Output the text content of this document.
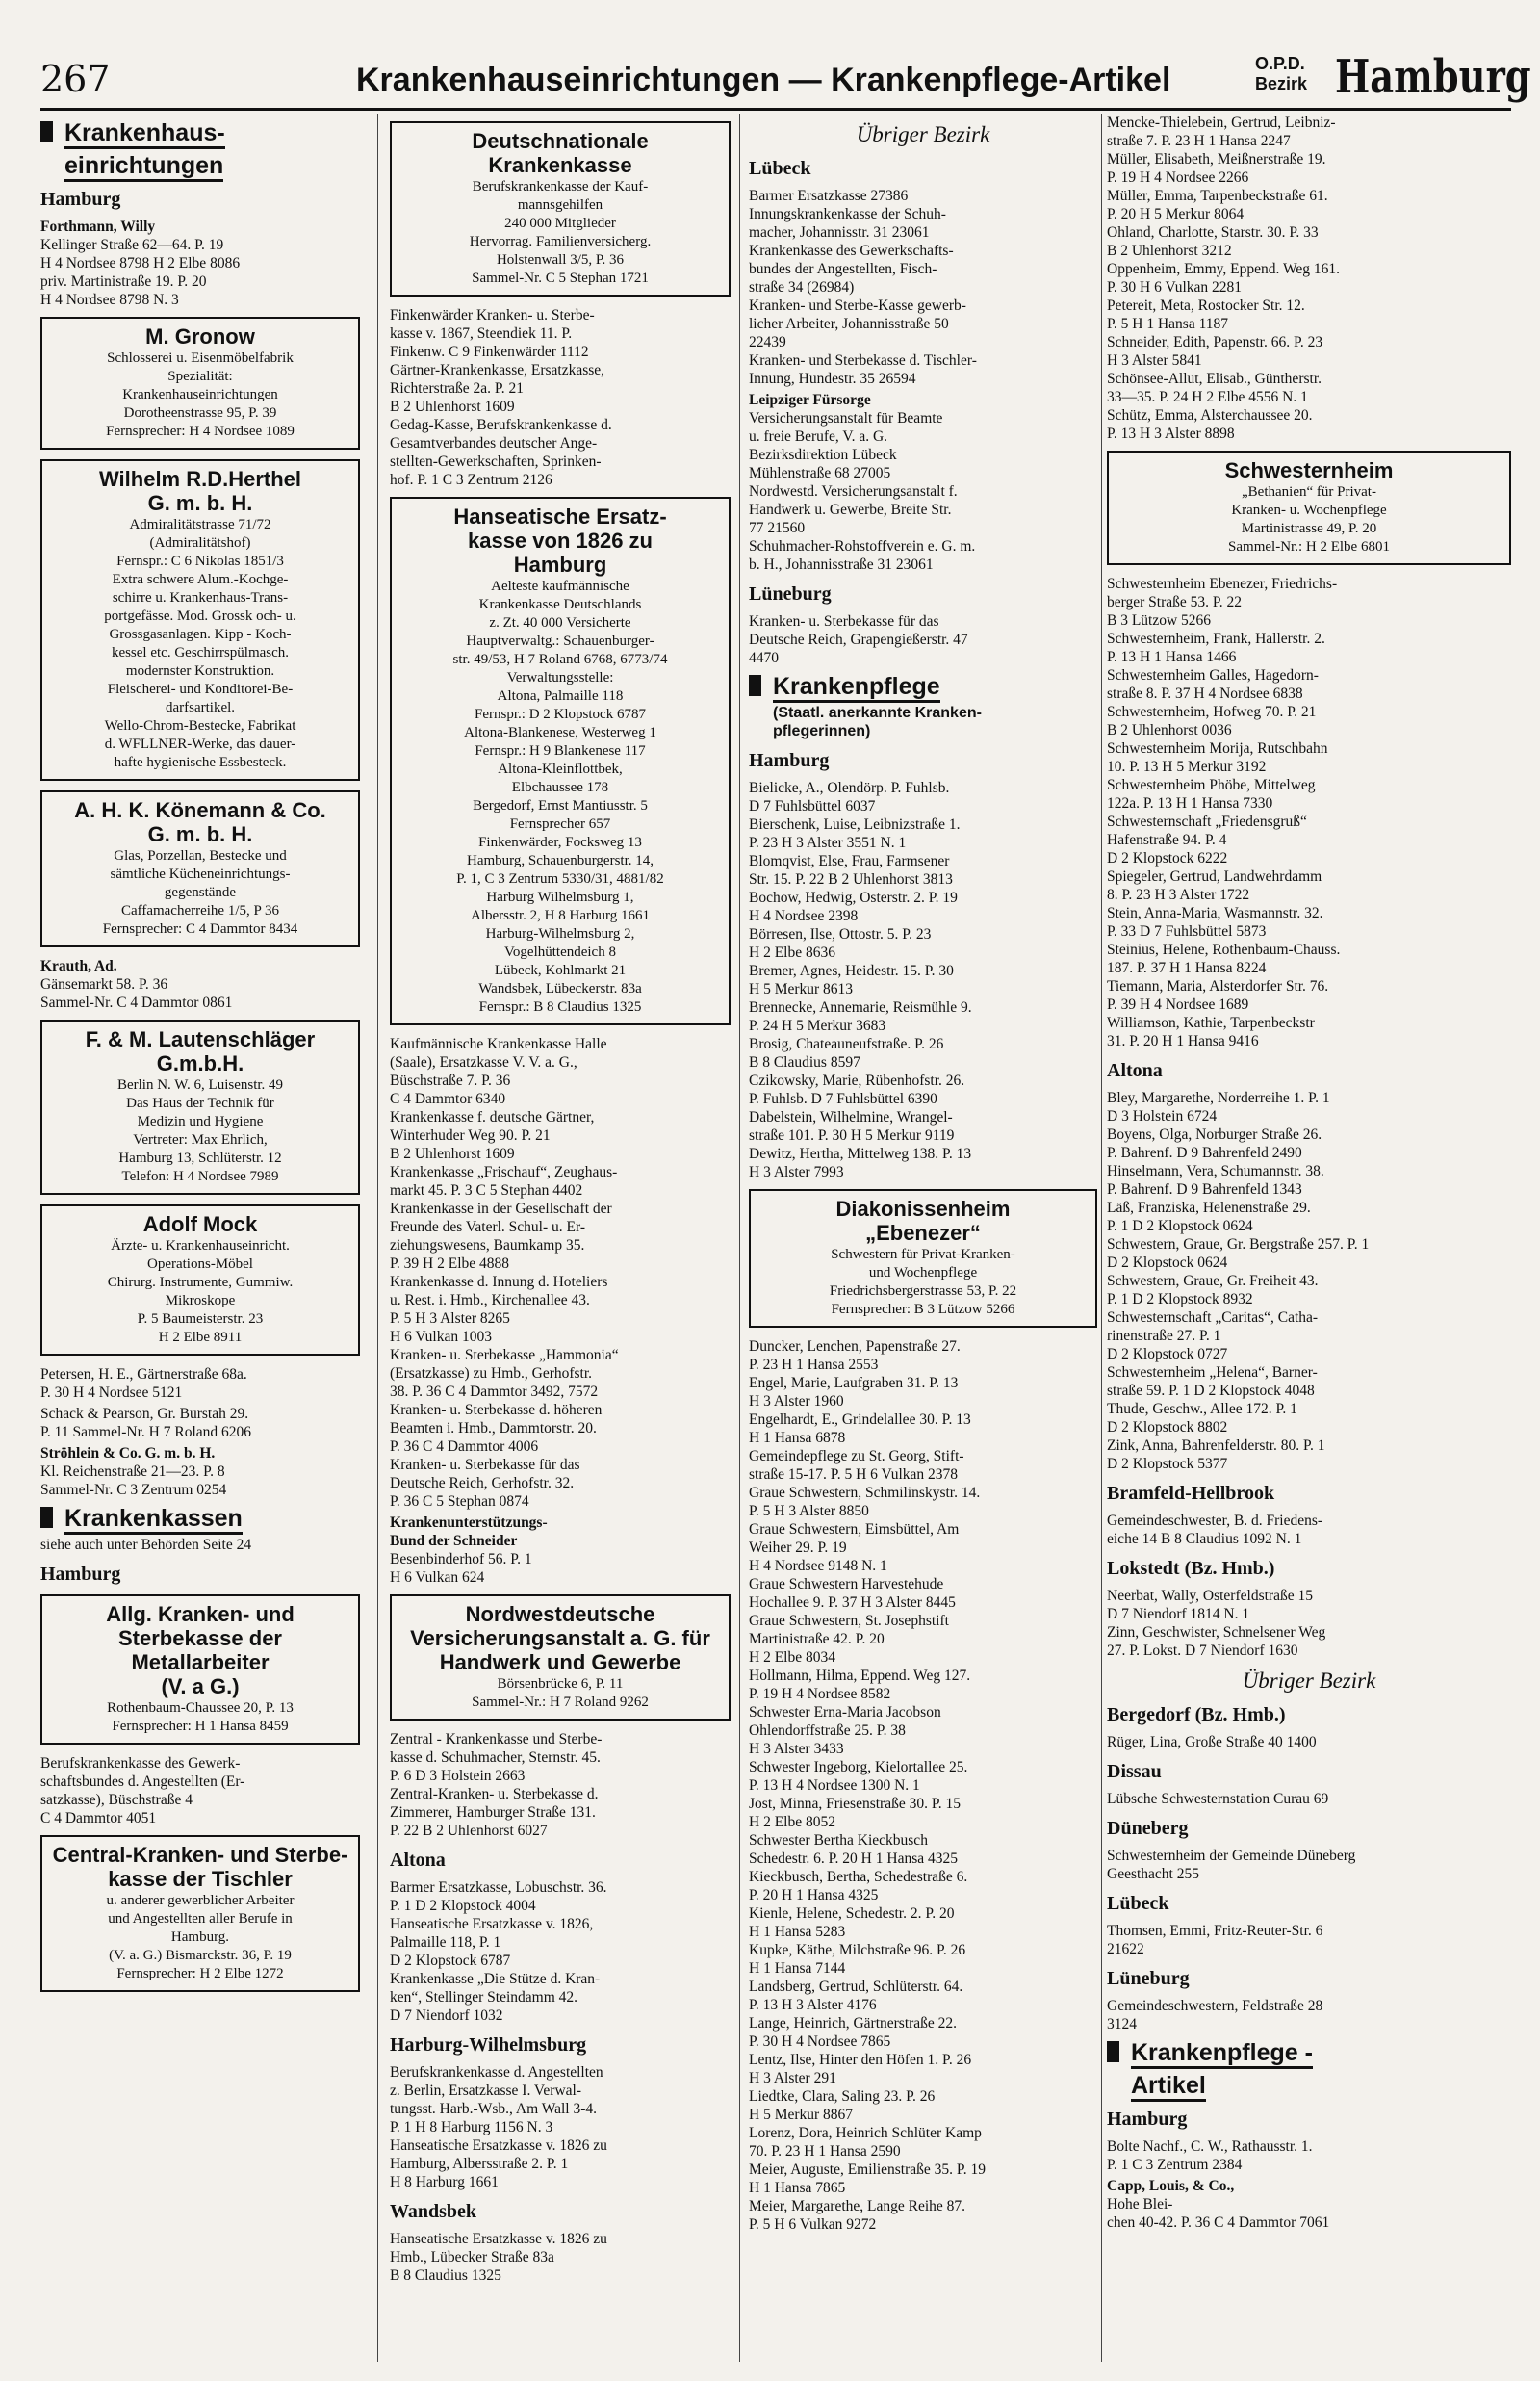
267	Krankenhauseinrichtungen — Krankenpflege-Artikel	O.P.D.
Bezirk Hamburg
Krankenhaus-
einrichtungen
Hamburg
Forthmann, Willy
Kellinger Straße 62—64. P. 19
H 4 Nordsee 8798 H 2 Elbe 8086
priv. Martinistraße 19. P. 20
H 4 Nordsee 8798 N. 3
M. Gronow
Schlosserei u. Eisenmöbelfabrik
Spezialität:
Krankenhauseinrichtungen
Dorotheenstrasse 95, P. 39
Fernsprecher: H 4 Nordsee 1089
Wilhelm R.D.Herthel
G. m. b. H.
Admiralitätstrasse 71/72
(Admiralitätshof)
Fernspr.: C 6 Nikolas 1851/3
Extra schwere Alum.-Kochge-
schirre u. Krankenhaus-Trans-
portgefässe. Mod. Grossk och- u.
Grossgasanlagen. Kipp - Koch-
kessel etc. Geschirrspülmasch.
modernster Konstruktion.
Fleischerei- und Konditorei-Be-
darfsartikel.
Wello-Chrom-Bestecke, Fabrikat
d. WFLLNER-Werke, das dauer-
hafte hygienische Essbesteck.
A. H. K. Könemann & Co.
G. m. b. H.
Glas, Porzellan, Bestecke und
sämtliche Kücheneinrichtungs-
gegenstände
Caffamacherreihe 1/5, P 36
Fernsprecher: C 4 Dammtor 8434
Krauth, Ad.
Gänsemarkt 58. P. 36
Sammel-Nr. C 4 Dammtor 0861
F. & M. Lautenschläger G.m.b.H.
Berlin N. W. 6, Luisenstr. 49
Das Haus der Technik für
Medizin und Hygiene
Vertreter: Max Ehrlich,
Hamburg 13, Schlüterstr. 12
Telefon: H 4 Nordsee 7989
Adolf Mock
Ärzte- u. Krankenhauseinricht.
Operations-Möbel
Chirurg. Instrumente, Gummiw.
Mikroskope
P. 5 Baumeisterstr. 23
H 2 Elbe 8911
Petersen, H. E., Gärtnerstraße 68a.
P. 30 H 4 Nordsee 5121
Schack & Pearson, Gr. Burstah 29.
P. 11 Sammel-Nr. H 7 Roland 6206
Ströhlein & Co. G. m. b. H.
Kl. Reichenstraße 21—23. P. 8
Sammel-Nr. C 3 Zentrum 0254
Krankenkassen
siehe auch unter Behörden Seite 24
Hamburg
Allg. Kranken- und
Sterbekasse der Metallarbeiter
(V. a G.)
Rothenbaum-Chaussee 20, P. 13
Fernsprecher: H 1 Hansa 8459
Berufskrankenkasse des Gewerk-
schaftsbundes d. Angestellten (Er-
satzkasse), Büschstraße 4
C 4 Dammtor 4051
Central-Kranken- und Sterbe-
kasse der Tischler
u. anderer gewerblicher Arbeiter
und Angestellten aller Berufe in
Hamburg.
(V. a. G.) Bismarckstr. 36, P. 19
Fernsprecher: H 2 Elbe 1272
Deutschnationale
Krankenkasse
Berufskrankenkasse der Kauf-
mannsgehilfen
240 000 Mitglieder
Hervorrag. Familienversicherg.
Holstenwall 3/5, P. 36
Sammel-Nr. C 5 Stephan 1721
Finkenwärder Kranken- u. Sterbe-
kasse v. 1867, Steendiek 11. P.
Finkenw. C 9 Finkenwärder 1112
Gärtner-Krankenkasse, Ersatzkasse,
Richterstraße 2a. P. 21
B 2 Uhlenhorst 1609
Gedag-Kasse, Berufskrankenkasse d.
Gesamtverbandes deutscher Ange-
stellten-Gewerkschaften, Sprinken-
hof. P. 1 C 3 Zentrum 2126
Hanseatische Ersatz-
kasse von 1826 zu
Hamburg
Aelteste kaufmännische
Krankenkasse Deutschlands
z. Zt. 40 000 Versicherte
Hauptverwaltg.: Schauenburger-
str. 49/53, H 7 Roland 6768, 6773/74
Verwaltungsstelle:
Altona, Palmaille 118
Fernspr.: D 2 Klopstock 6787
Altona-Blankenese, Westerweg 1
Fernspr.: H 9 Blankenese 117
Altona-Kleinflottbek,
Elbchaussee 178
Bergedorf, Ernst Mantiusstr. 5
Fernsprecher 657
Finkenwärder, Focksweg 13
Hamburg, Schauenburgerstr. 14,
P. 1, C 3 Zentrum 5330/31, 4881/82
Harburg Wilhelmsburg 1,
Albersstr. 2, H 8 Harburg 1661
Harburg-Wilhelmsburg 2,
Vogelhüttendeich 8
Lübeck, Kohlmarkt 21
Wandsbek, Lübeckerstr. 83a
Fernspr.: B 8 Claudius 1325
Kaufmännische Krankenkasse Halle
(Saale), Ersatzkasse V. V. a. G.,
Büschstraße 7. P. 36
C 4 Dammtor 6340
Krankenkasse f. deutsche Gärtner,
Winterhuder Weg 90. P. 21
B 2 Uhlenhorst 1609
Krankenkasse „Frischauf“, Zeughaus-
markt 45. P. 3 C 5 Stephan 4402
Krankenkasse in der Gesellschaft der
Freunde des Vaterl. Schul- u. Er-
ziehungswesens, Baumkamp 35.
P. 39 H 2 Elbe 4888
Krankenkasse d. Innung d. Hoteliers
u. Rest. i. Hmb., Kirchenallee 43.
P. 5 H 3 Alster 8265
H 6 Vulkan 1003
Kranken- u. Sterbekasse „Hammonia“
(Ersatzkasse) zu Hmb., Gerhofstr.
38. P. 36 C 4 Dammtor 3492, 7572
Kranken- u. Sterbekasse d. höheren
Beamten i. Hmb., Dammtorstr. 20.
P. 36 C 4 Dammtor 4006
Kranken- u. Sterbekasse für das
Deutsche Reich, Gerhofstr. 32.
P. 36 C 5 Stephan 0874
Krankenunterstützungs-
Bund der Schneider
Besenbinderhof 56. P. 1
H 6 Vulkan 624
Nordwestdeutsche
Versicherungsanstalt a. G. für
Handwerk und Gewerbe
Börsenbrücke 6, P. 11
Sammel-Nr.: H 7 Roland 9262
Zentral - Krankenkasse und Sterbe-
kasse d. Schuhmacher, Sternstr. 45.
P. 6 D 3 Holstein 2663
Zentral-Kranken- u. Sterbekasse d.
Zimmerer, Hamburger Straße 131.
P. 22 B 2 Uhlenhorst 6027
Altona
Barmer Ersatzkasse, Lobuschstr. 36.
P. 1 D 2 Klopstock 4004
Hanseatische Ersatzkasse v. 1826,
Palmaille 118, P. 1
D 2 Klopstock 6787
Krankenkasse „Die Stütze d. Kran-
ken“, Stellinger Steindamm 42.
D 7 Niendorf 1032
Harburg-Wilhelmsburg
Berufskrankenkasse d. Angestellten
z. Berlin, Ersatzkasse I. Verwal-
tungsst. Harb.-Wsb., Am Wall 3-4.
P. 1 H 8 Harburg 1156 N. 3
Hanseatische Ersatzkasse v. 1826 zu
Hamburg, Albersstraße 2. P. 1
H 8 Harburg 1661
Wandsbek
Hanseatische Ersatzkasse v. 1826 zu
Hmb., Lübecker Straße 83a
B 8 Claudius 1325
Übriger Bezirk
Lübeck
Barmer Ersatzkasse 27386
Innungskrankenkasse der Schuh-
macher, Johannisstr. 31 23061
Krankenkasse des Gewerkschafts-
bundes der Angestellten, Fisch-
straße 34 (26984)
Kranken- und Sterbe-Kasse gewerb-
licher Arbeiter, Johannisstraße 50
22439
Kranken- und Sterbekasse d. Tischler-
Innung, Hundestr. 35 26594
Leipziger Fürsorge
Versicherungsanstalt für Beamte
u. freie Berufe, V. a. G.
Bezirksdirektion Lübeck
Mühlenstraße 68 27005
Nordwestd. Versicherungsanstalt f.
Handwerk u. Gewerbe, Breite Str.
77 21560
Schuhmacher-Rohstoffverein e. G. m.
b. H., Johannisstraße 31 23061
Lüneburg
Kranken- u. Sterbekasse für das
Deutsche Reich, Grapengießerstr. 47
4470
Krankenpflege
(Staatl. anerkannte Kranken-
pflegerinnen)
Hamburg
Bielicke, A., Olendörp. P. Fuhlsb.
D 7 Fuhlsbüttel 6037
Bierschenk, Luise, Leibnizstraße 1.
P. 23 H 3 Alster 3551 N. 1
Blomqvist, Else, Frau, Farmsener
Str. 15. P. 22 B 2 Uhlenhorst 3813
Bochow, Hedwig, Osterstr. 2. P. 19
H 4 Nordsee 2398
Börresen, Ilse, Ottostr. 5. P. 23
H 2 Elbe 8636
Bremer, Agnes, Heidestr. 15. P. 30
H 5 Merkur 8613
Brennecke, Annemarie, Reismühle 9.
P. 24 H 5 Merkur 3683
Brosig, Chateauneufstraße. P. 26
B 8 Claudius 8597
Czikowsky, Marie, Rübenhofstr. 26.
P. Fuhlsb. D 7 Fuhlsbüttel 6390
Dabelstein, Wilhelmine, Wrangel-
straße 101. P. 30 H 5 Merkur 9119
Dewitz, Hertha, Mittelweg 138. P. 13
H 3 Alster 7993
Diakonissenheim
„Ebenezer“
Schwestern für Privat-Kranken-
und Wochenpflege
Friedrichsbergerstrasse 53, P. 22
Fernsprecher: B 3 Lützow 5266
Duncker, Lenchen, Papenstraße 27.
P. 23 H 1 Hansa 2553
Engel, Marie, Laufgraben 31. P. 13
H 3 Alster 1960
Engelhardt, E., Grindelallee 30. P. 13
H 1 Hansa 6878
Gemeindepflege zu St. Georg, Stift-
straße 15-17. P. 5 H 6 Vulkan 2378
Graue Schwestern, Schmilinskystr. 14.
P. 5 H 3 Alster 8850
Graue Schwestern, Eimsbüttel, Am
Weiher 29. P. 19
H 4 Nordsee 9148 N. 1
Graue Schwestern Harvestehude
Hochallee 9. P. 37 H 3 Alster 8445
Graue Schwestern, St. Josephstift
Martinistraße 42. P. 20
H 2 Elbe 8034
Hollmann, Hilma, Eppend. Weg 127.
P. 19 H 4 Nordsee 8582
Schwester Erna-Maria Jacobson
Ohlendorffstraße 25. P. 38
H 3 Alster 3433
Schwester Ingeborg, Kielortallee 25.
P. 13 H 4 Nordsee 1300 N. 1
Jost, Minna, Friesenstraße 30. P. 15
H 2 Elbe 8052
Schwester Bertha Kieckbusch
Schedestr. 6. P. 20 H 1 Hansa 4325
Kieckbusch, Bertha, Schedestraße 6.
P. 20 H 1 Hansa 4325
Kienle, Helene, Schedestr. 2. P. 20
H 1 Hansa 5283
Kupke, Käthe, Milchstraße 96. P. 26
H 1 Hansa 7144
Landsberg, Gertrud, Schlüterstr. 64.
P. 13 H 3 Alster 4176
Lange, Heinrich, Gärtnerstraße 22.
P. 30 H 4 Nordsee 7865
Lentz, Ilse, Hinter den Höfen 1. P. 26
H 3 Alster 291
Liedtke, Clara, Saling 23. P. 26
H 5 Merkur 8867
Lorenz, Dora, Heinrich Schlüter Kamp
70. P. 23 H 1 Hansa 2590
Meier, Auguste, Emilienstraße 35. P. 19
H 1 Hansa 7865
Meier, Margarethe, Lange Reihe 87.
P. 5 H 6 Vulkan 9272
Mencke-Thielebein, Gertrud, Leibniz-
straße 7. P. 23 H 1 Hansa 2247
Müller, Elisabeth, Meißnerstraße 19.
P. 19 H 4 Nordsee 2266
Müller, Emma, Tarpenbeckstraße 61.
P. 20 H 5 Merkur 8064
Ohland, Charlotte, Starstr. 30. P. 33
B 2 Uhlenhorst 3212
Oppenheim, Emmy, Eppend. Weg 161.
P. 30 H 6 Vulkan 2281
Petereit, Meta, Rostocker Str. 12.
P. 5 H 1 Hansa 1187
Schneider, Edith, Papenstr. 66. P. 23
H 3 Alster 5841
Schönsee-Allut, Elisab., Güntherstr.
33—35. P. 24 H 2 Elbe 4556 N. 1
Schütz, Emma, Alsterchaussee 20.
P. 13 H 3 Alster 8898
Schwesternheim
„Bethanien“ für Privat-
Kranken- u. Wochenpflege
Martinistrasse 49, P. 20
Sammel-Nr.: H 2 Elbe 6801
Schwesternheim Ebenezer, Friedrichs-
berger Straße 53. P. 22
B 3 Lützow 5266
Schwesternheim, Frank, Hallerstr. 2.
P. 13 H 1 Hansa 1466
Schwesternheim Galles, Hagedorn-
straße 8. P. 37 H 4 Nordsee 6838
Schwesternheim, Hofweg 70. P. 21
B 2 Uhlenhorst 0036
Schwesternheim Morija, Rutschbahn
10. P. 13 H 5 Merkur 3192
Schwesternheim Phöbe, Mittelweg
122a. P. 13 H 1 Hansa 7330
Schwesternschaft „Friedensgruß“
Hafenstraße 94. P. 4
D 2 Klopstock 6222
Spiegeler, Gertrud, Landwehrdamm
8. P. 23 H 3 Alster 1722
Stein, Anna-Maria, Wasmannstr. 32.
P. 33 D 7 Fuhlsbüttel 5873
Steinius, Helene, Rothenbaum-Chauss.
187. P. 37 H 1 Hansa 8224
Tiemann, Maria, Alsterdorfer Str. 76.
P. 39 H 4 Nordsee 1689
Williamson, Kathie, Tarpenbeckstr
31. P. 20 H 1 Hansa 9416
Altona
Bley, Margarethe, Norderreihe 1. P. 1
D 3 Holstein 6724
Boyens, Olga, Norburger Straße 26.
P. Bahrenf. D 9 Bahrenfeld 2490
Hinselmann, Vera, Schumannstr. 38.
P. Bahrenf. D 9 Bahrenfeld 1343
Läß, Franziska, Helenenstraße 29.
P. 1 D 2 Klopstock 0624
Schwestern, Graue, Gr. Bergstraße 257. P. 1
D 2 Klopstock 0624
Schwestern, Graue, Gr. Freiheit 43.
P. 1 D 2 Klopstock 8932
Schwesternschaft „Caritas“, Catha-
rinenstraße 27. P. 1
D 2 Klopstock 0727
Schwesternheim „Helena“, Barner-
straße 59. P. 1 D 2 Klopstock 4048
Thude, Geschw., Allee 172. P. 1
D 2 Klopstock 8802
Zink, Anna, Bahrenfelderstr. 80. P. 1
D 2 Klopstock 5377
Bramfeld-Hellbrook
Gemeindeschwester, B. d. Friedens-
eiche 14 B 8 Claudius 1092 N. 1
Lokstedt (Bz. Hmb.)
Neerbat, Wally, Osterfeldstraße 15
D 7 Niendorf 1814 N. 1
Zinn, Geschwister, Schnelsener Weg
27. P. Lokst. D 7 Niendorf 1630
Übriger Bezirk
Bergedorf (Bz. Hmb.)
Rüger, Lina, Große Straße 40 1400
Dissau
Lübsche Schwesternstation Curau 69
Düneberg
Schwesternheim der Gemeinde Düneberg
Geesthacht 255
Lübeck
Thomsen, Emmi, Fritz-Reuter-Str. 6
21622
Lüneburg
Gemeindeschwestern, Feldstraße 28
3124
Krankenpflege -
Artikel
Hamburg
Bolte Nachf., C. W., Rathausstr. 1.
P. 1 C 3 Zentrum 2384
Capp, Louis, & Co.,
Hohe Blei-
chen 40-42. P. 36 C 4 Dammtor 7061
